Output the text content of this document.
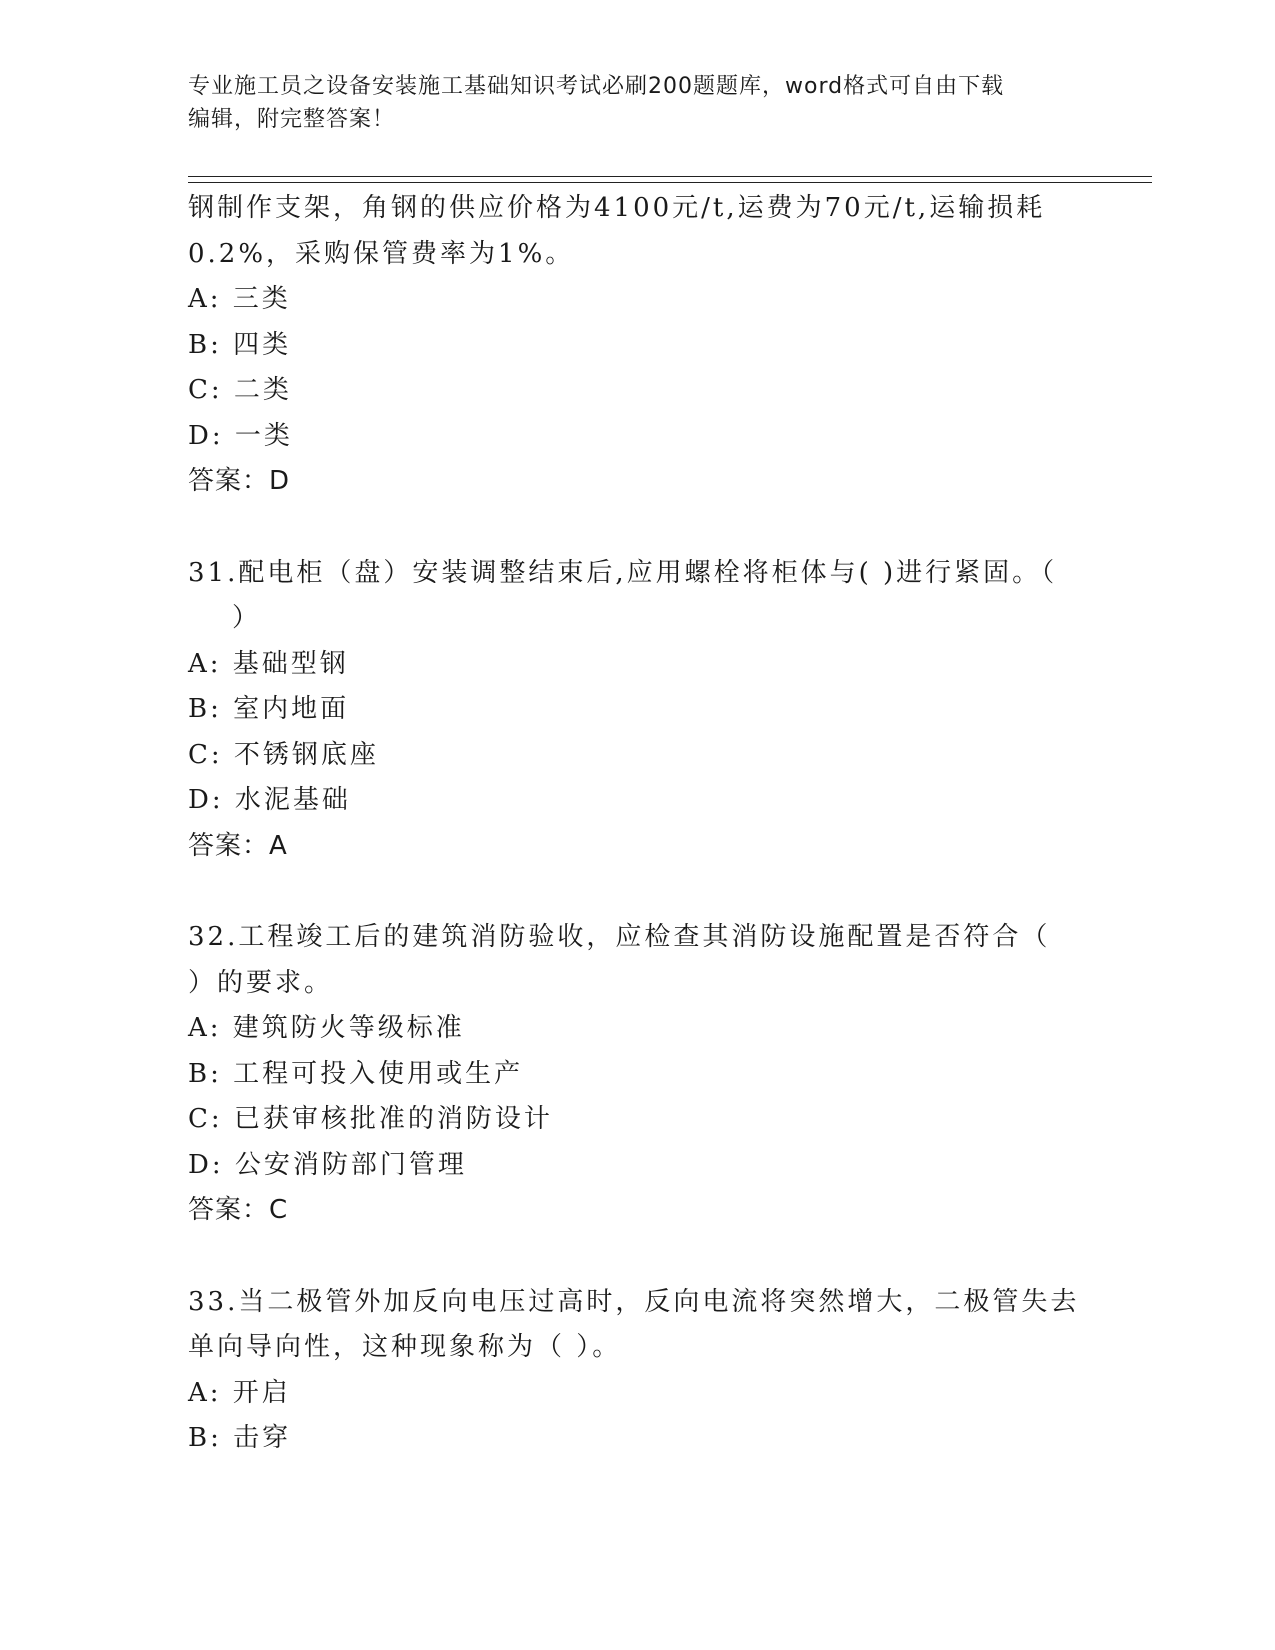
专业施工员之设备安装施工基础知识考试必刷200题题库，word格式可自由下载
编辑，附完整答案！
钢制作支架，角钢的供应价格为4100元/t,运费为70元/t,运输损耗
0.2%，采购保管费率为1%。
A: 三类
B: 四类
C: 二类
D: 一类
答案：D
31.配电柜（盘）安装调整结束后,应用螺栓将柜体与( )进行紧固。（
）
A: 基础型钢
B: 室内地面
C: 不锈钢底座
D: 水泥基础
答案：A
32.工程竣工后的建筑消防验收，应检查其消防设施配置是否符合（
）的要求。
A: 建筑防火等级标准
B: 工程可投入使用或生产
C: 已获审核批准的消防设计
D: 公安消防部门管理
答案：C
33.当二极管外加反向电压过高时，反向电流将突然增大，二极管失去
单向导向性，这种现象称为（ ）。
A: 开启
B: 击穿
